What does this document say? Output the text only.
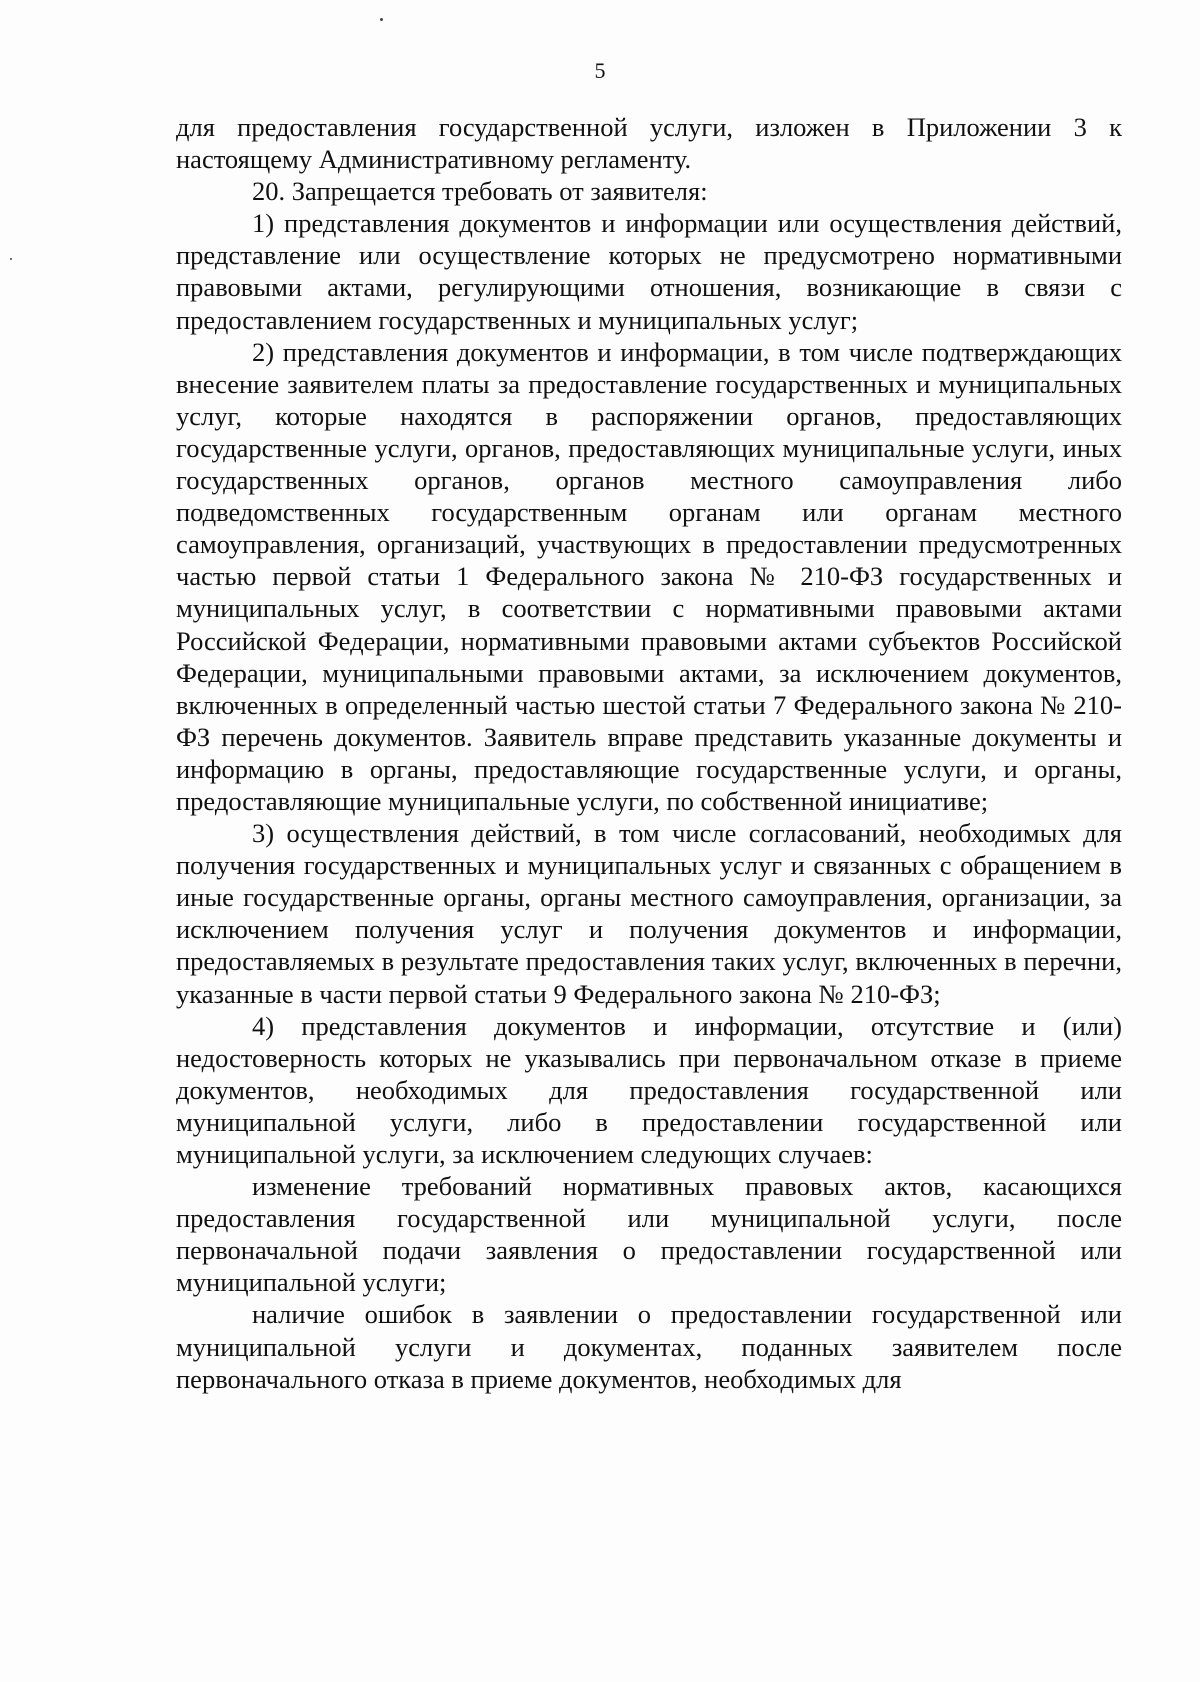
5

для предоставления государственной услуги, изложен в Приложении 3 к настоящему Административному регламенту.

20. Запрещается требовать от заявителя:

1) представления документов и информации или осуществления действий, представление или осуществление которых не предусмотрено нормативными правовыми актами, регулирующими отношения, возникающие в связи с предоставлением государственных и муниципальных услуг;

2) представления документов и информации, в том числе подтверждающих внесение заявителем платы за предоставление государственных и муниципальных услуг, которые находятся в распоряжении органов, предоставляющих государственные услуги, органов, предоставляющих муниципальные услуги, иных государственных органов, органов местного самоуправления либо подведомственных государственным органам или органам местного самоуправления, организаций, участвующих в предоставлении предусмотренных частью первой статьи 1 Федерального закона № 210-ФЗ государственных и муниципальных услуг, в соответствии с нормативными правовыми актами Российской Федерации, нормативными правовыми актами субъектов Российской Федерации, муниципальными правовыми актами, за исключением документов, включенных в определенный частью шестой статьи 7 Федерального закона № 210-ФЗ перечень документов. Заявитель вправе представить указанные документы и информацию в органы, предоставляющие государственные услуги, и органы, предоставляющие муниципальные услуги, по собственной инициативе;

3) осуществления действий, в том числе согласований, необходимых для получения государственных и муниципальных услуг и связанных с обращением в иные государственные органы, органы местного самоуправления, организации, за исключением получения услуг и получения документов и информации, предоставляемых в результате предоставления таких услуг, включенных в перечни, указанные в части первой статьи 9 Федерального закона № 210-ФЗ;

4) представления документов и информации, отсутствие и (или) недостоверность которых не указывались при первоначальном отказе в приеме документов, необходимых для предоставления государственной или муниципальной услуги, либо в предоставлении государственной или муниципальной услуги, за исключением следующих случаев:

изменение требований нормативных правовых актов, касающихся предоставления государственной или муниципальной услуги, после первоначальной подачи заявления о предоставлении государственной или муниципальной услуги;

наличие ошибок в заявлении о предоставлении государственной или муниципальной услуги и документах, поданных заявителем после первоначального отказа в приеме документов, необходимых для
